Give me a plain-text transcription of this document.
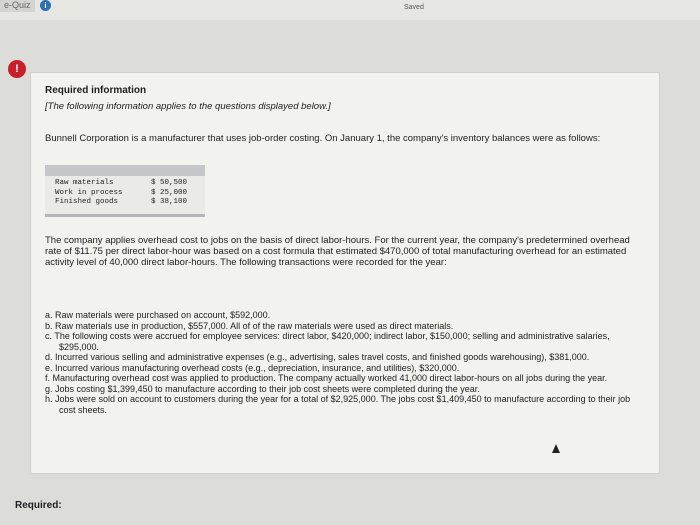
e-Quiz	i	Saved
!
Required information
[The following information applies to the questions displayed below.]
Bunnell Corporation is a manufacturer that uses job-order costing. On January 1, the company's inventory balances were as follows:
Raw materials	$ 50,500
Work in process	$ 25,000
Finished goods	$ 38,100
The company applies overhead cost to jobs on the basis of direct labor-hours. For the current year, the company's predetermined overhead rate of $11.75 per direct labor-hour was based on a cost formula that estimated $470,000 of total manufacturing overhead for an estimated activity level of 40,000 direct labor-hours. The following transactions were recorded for the year:
a. Raw materials were purchased on account, $592,000.
b. Raw materials use in production, $557,000. All of of the raw materials were used as direct materials.
c. The following costs were accrued for employee services: direct labor, $420,000; indirect labor, $150,000; selling and administrative salaries, $295,000.
d. Incurred various selling and administrative expenses (e.g., advertising, sales travel costs, and finished goods warehousing), $381,000.
e. Incurred various manufacturing overhead costs (e.g., depreciation, insurance, and utilities), $320,000.
f. Manufacturing overhead cost was applied to production. The company actually worked 41,000 direct labor-hours on all jobs during the year.
g. Jobs costing $1,399,450 to manufacture according to their job cost sheets were completed during the year.
h. Jobs were sold on account to customers during the year for a total of $2,925,000. The jobs cost $1,409,450 to manufacture according to their job cost sheets.
Required:
